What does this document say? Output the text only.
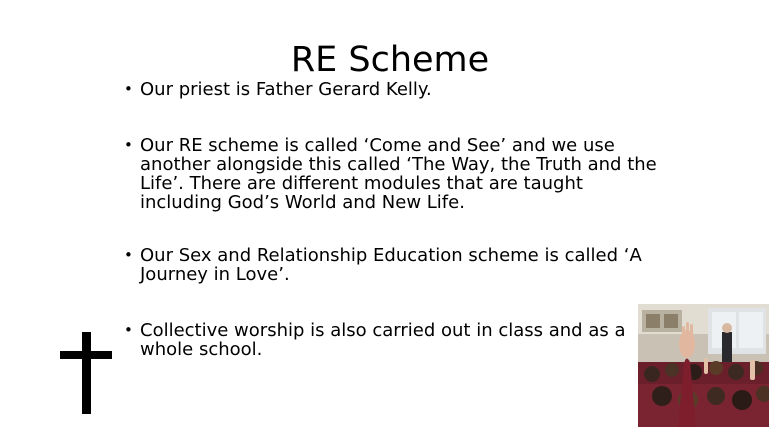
RE Scheme
• Our priest is Father Gerard Kelly.
• Our RE scheme is called ‘Come and See’ and we use another alongside this called ‘The Way, the Truth and the Life’. There are different modules that are taught including God’s World and New Life.
• Our Sex and Relationship Education scheme is called ‘A Journey in Love’.
• Collective worship is also carried out in class and as a whole school.
